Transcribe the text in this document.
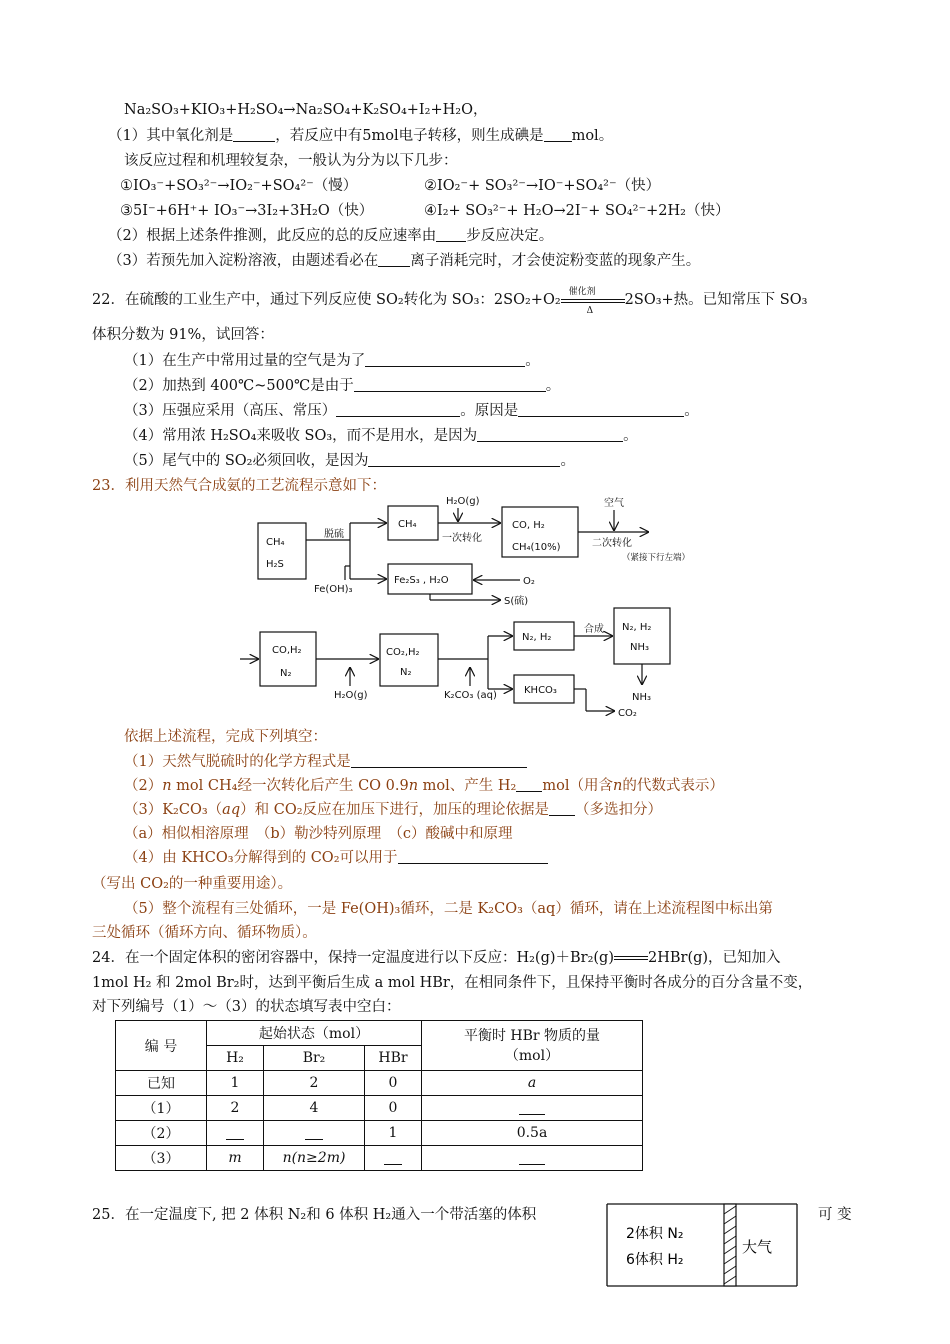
Na₂SO₃+KIO₃+H₂SO₄→Na₂SO₄+K₂SO₄+I₂+H₂O，
（1）其中氧化剂是	，若反应中有5mol电子转移，则生成碘是 mol。
该反应过程和机理较复杂，一般认为分为以下几步：
①IO₃⁻+SO₃²⁻→IO₂⁻+SO₄²⁻（慢）	②IO₂⁻+ SO₃²⁻→IO⁻+SO₄²⁻（快）
③5I⁻+6H⁺+ IO₃⁻→3I₂+3H₂O（快）	④I₂+ SO₃²⁻+ H₂O→2I⁻+ SO₄²⁻+2H₂（快）
（2）根据上述条件推测，此反应的总的反应速率由 步反应决定。
（3）若预先加入淀粉溶液，由题述看必在 离子消耗完时，才会使淀粉变蓝的现象产生。
22．在硫酸的工业生产中，通过下列反应使 SO₂转化为 SO₃：2SO₂+O₂ 催化剂
Δ
2SO₃+热。已知常压下 SO₃
体积分数为 91%，试回答：
（1）在生产中常用过量的空气是为了	。
（2）加热到 400℃~500℃是由于	。
（3）压强应采用（高压、常压）	。原因是	。
（4）常用浓 H₂SO₄来吸收 SO₃，而不是用水，是因为	。
（5）尾气中的 SO₂必须回收，是因为	。
23．利用天然气合成氨的工艺流程示意如下：
CH₄
H₂S
脱硫
CH₄
H₂O(g)
一次转化
CO, H₂
CH₄(10%)
空气
二次转化
（紧接下行左端）
Fe(OH)₃
Fe₂S₃ , H₂O	O₂
S(硫)
CO,H₂
N₂
H₂O(g)
CO₂,H₂
N₂
K₂CO₃ (aq)
N₂, H₂
合成 N₂, H₂
NH₃
NH₃
KHCO₃
CO₂
依据上述流程，完成下列填空：
（1）天然气脱硫时的化学方程式是
（2）n mol CH₄经一次转化后产生 CO 0.9n mol、产生 H₂ mol（用含n的代数式表示）
（3）K₂CO₃（aq）和 CO₂反应在加压下进行，加压的理论依据是 （多选扣分）
（a）相似相溶原理　（b）勒沙特列原理　（c）酸碱中和原理
（4）由 KHCO₃分解得到的 CO₂可以用于
（写出 CO₂的一种重要用途）。
（5）整个流程有三处循环，一是 Fe(OH)₃循环，二是 K₂CO₃（aq）循环，请在上述流程图中标出第
三处循环（循环方向、循环物质）。
24．在一个固定体积的密闭容器中，保持一定温度进行以下反应：H₂(g)＋Br₂(g) 2HBr(g)，已知加入
1mol H₂ 和 2mol Br₂时，达到平衡后生成 a mol HBr，在相同条件下，且保持平衡时各成分的百分含量不变，
对下列编号（1）～（3）的状态填写表中空白：
编 号	起始状态（mol）			平衡时 HBr 物质的量
（mol）
	H₂	Br₂	HBr	
已知	1	2	0	a
（1）	2	4	0	
（2）			1	0.5a
（3）	m	n(n≥2m)		
25．在一定温度下, 把 2 体积 N₂和 6 体积 H₂通入一个带活塞的体积	可 变
2体积 N₂
6体积 H₂
大气
